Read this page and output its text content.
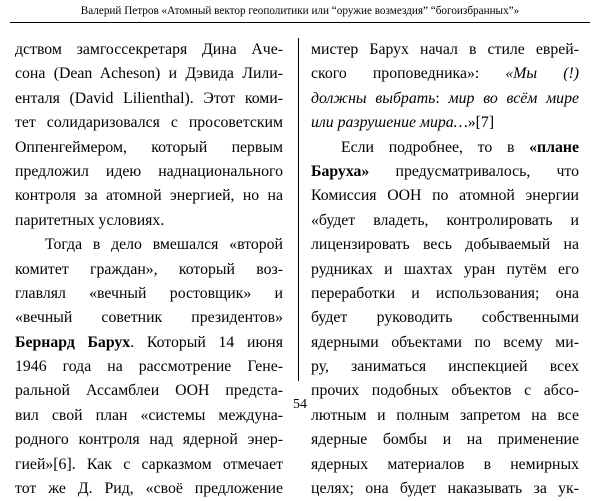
Валерий Петров «Атомный вектор геополитики или “оружие возмездия” “богоизбранных”»
дством замгоссекретаря Дина Аче-
сона (Dean Acheson) и Дэвида Лили-
енталя (David Lilienthal). Этот коми-
тет солидаризовался с просоветским
Оппенгеймером, который первым
предложил идею наднационального
контроля за атомной энергией, но на
паритетных условиях.
Тогда в дело вмешался «второй
комитет граждан», который воз-
главлял «вечный ростовщик» и
«вечный советник президентов»
Бернард Барух. Который 14 июня
1946 года на рассмотрение Гене-
ральной Ассамблеи ООН предста-
вил свой план «системы междуна-
родного контроля над ядерной энер-
гией»[6]. Как с сарказмом отмечает
тот же Д. Рид, «своё предложение
мистер Барух начал в стиле еврей-
ского проповедника»: «Мы (!)
должны выбрать: мир во всём мире
или разрушение мира…»[7]
Если подробнее, то в «плане
Баруха» предусматривалось, что
Комиссия ООН по атомной энергии
«будет владеть, контролировать и
лицензировать весь добываемый на
рудниках и шахтах уран путём его
переработки и использования; она
будет руководить собственными
ядерными объектами по всему ми-
ру, заниматься инспекцией всех
прочих подобных объектов с абсо-
лютным и полным запретом на все
ядерные бомбы и на применение
ядерных материалов в немирных
целях; она будет наказывать за ук-
54
